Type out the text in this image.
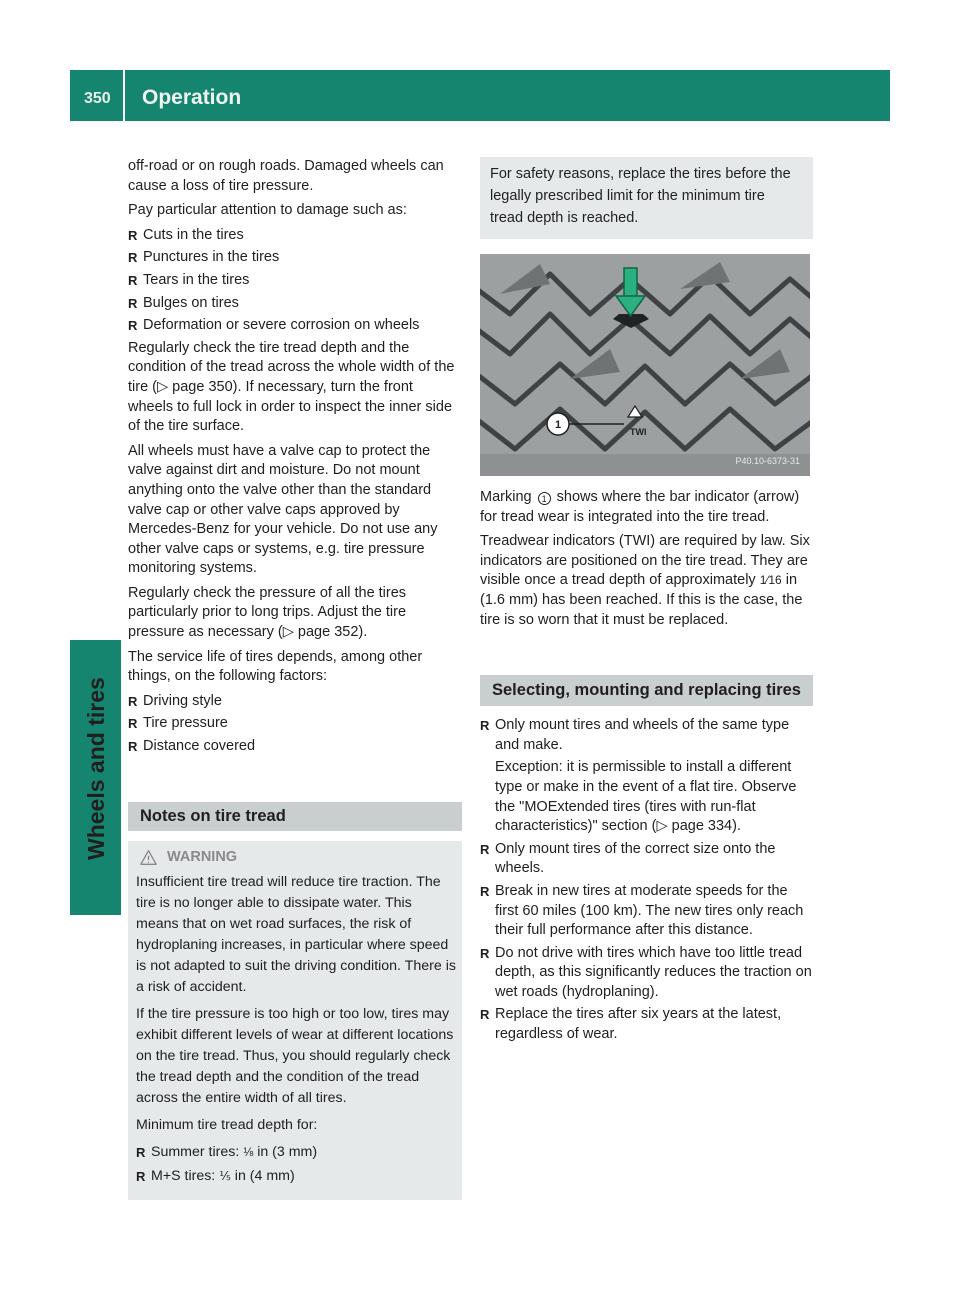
350 Operation
Wheels and tires

off-road or on rough roads. Damaged wheels can cause a loss of tire pressure.

Pay particular attention to damage such as:

R Cuts in the tires
R Punctures in the tires
R Tears in the tires
R Bulges on tires
R Deformation or severe corrosion on wheels

Regularly check the tire tread depth and the condition of the tread across the whole width of the tire (▷ page 350). If necessary, turn the front wheels to full lock in order to inspect the inner side of the tire surface.

All wheels must have a valve cap to protect the valve against dirt and moisture. Do not mount anything onto the valve other than the standard valve cap or other valve caps approved by Mercedes-Benz for your vehicle. Do not use any other valve caps or systems, e.g. tire pressure monitoring systems.

Regularly check the pressure of all the tires particularly prior to long trips. Adjust the tire pressure as necessary (▷ page 352).

The service life of tires depends, among other things, on the following factors:

R Driving style
R Tire pressure
R Distance covered
Notes on tire tread
WARNING

Insufficient tire tread will reduce tire traction. The tire is no longer able to dissipate water. This means that on wet road surfaces, the risk of hydroplaning increases, in particular where speed is not adapted to suit the driving condition. There is a risk of accident.

If the tire pressure is too high or too low, tires may exhibit different levels of wear at different locations on the tire tread. Thus, you should regularly check the tread depth and the condition of the tread across the entire width of all tires.

Minimum tire tread depth for:

R Summer tires: ⅛ in (3 mm)
R M+S tires: ⅕ in (4 mm)
For safety reasons, replace the tires before the legally prescribed limit for the minimum tire tread depth is reached.
1
TWI
P40.10-6373-31

Marking 1 shows where the bar indicator (arrow) for tread wear is integrated into the tire tread.

Treadwear indicators (TWI) are required by law. Six indicators are positioned on the tire tread. They are visible once a tread depth of approximately 1⁄16 in (1.6 mm) has been reached. If this is the case, the tire is so worn that it must be replaced.

Selecting, mounting and replacing tires
R Only mount tires and wheels of the same type and make.
Exception: it is permissible to install a different type or make in the event of a flat tire. Observe the "MOExtended tires (tires with run-flat characteristics)" section (▷ page 334).
R Only mount tires of the correct size onto the wheels.
R Break in new tires at moderate speeds for the first 60 miles (100 km). The new tires only reach their full performance after this distance.
R Do not drive with tires which have too little tread depth, as this significantly reduces the traction on wet roads (hydroplaning).
R Replace the tires after six years at the latest, regardless of wear.
